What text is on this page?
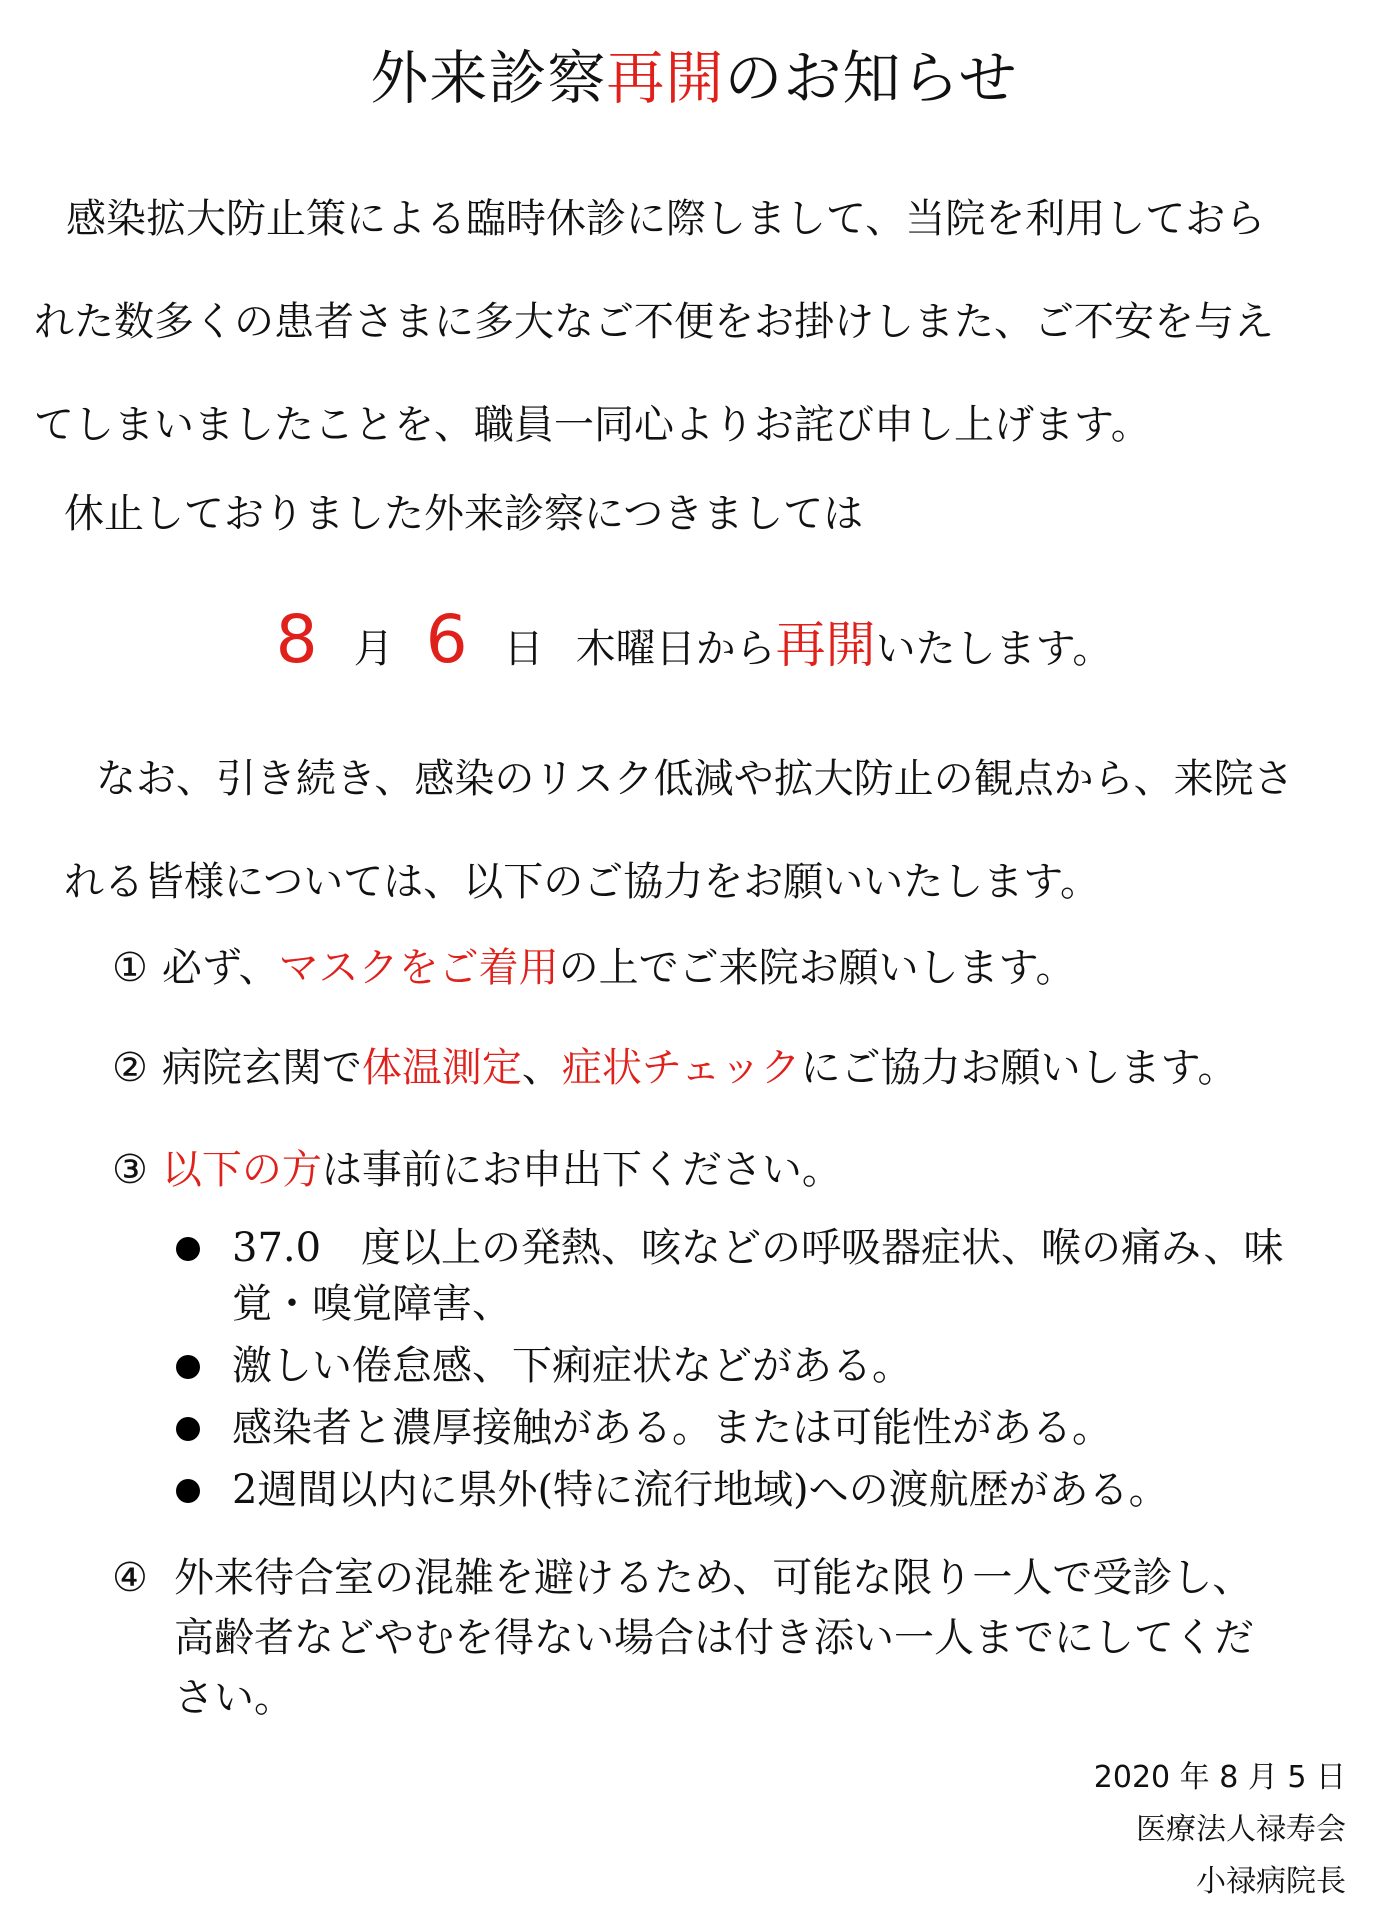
外来診察再開のお知らせ
感染拡大防止策による臨時休診に際しまして、当院を利用しておら
れた数多くの患者さまに多大なご不便をお掛けしまた、ご不安を与え
てしまいましたことを、職員一同心よりお詫び申し上げます。
休止しておりました外来診察につきましては
8 月 6 日 木曜日から再開いたします。
なお、引き続き、感染のリスク低減や拡大防止の観点から、来院さ
れる皆様については、以下のご協力をお願いいたします。
① 必ず、マスクをご着用の上でご来院お願いします。
② 病院玄関で体温測定、症状チェックにご協力お願いします。
③ 以下の方は事前にお申出下ください。
37.0　度以上の発熱、咳などの呼吸器症状、喉の痛み、味
覚・嗅覚障害、
激しい倦怠感、下痢症状などがある。
感染者と濃厚接触がある。または可能性がある。
2週間以内に県外(特に流行地域)への渡航歴がある。
④ 外来待合室の混雑を避けるため、可能な限り一人で受診し、
高齢者などやむを得ない場合は付き添い一人までにしてくだ
さい。
2020 年 8 月 5 日
医療法人禄寿会
小禄病院長
